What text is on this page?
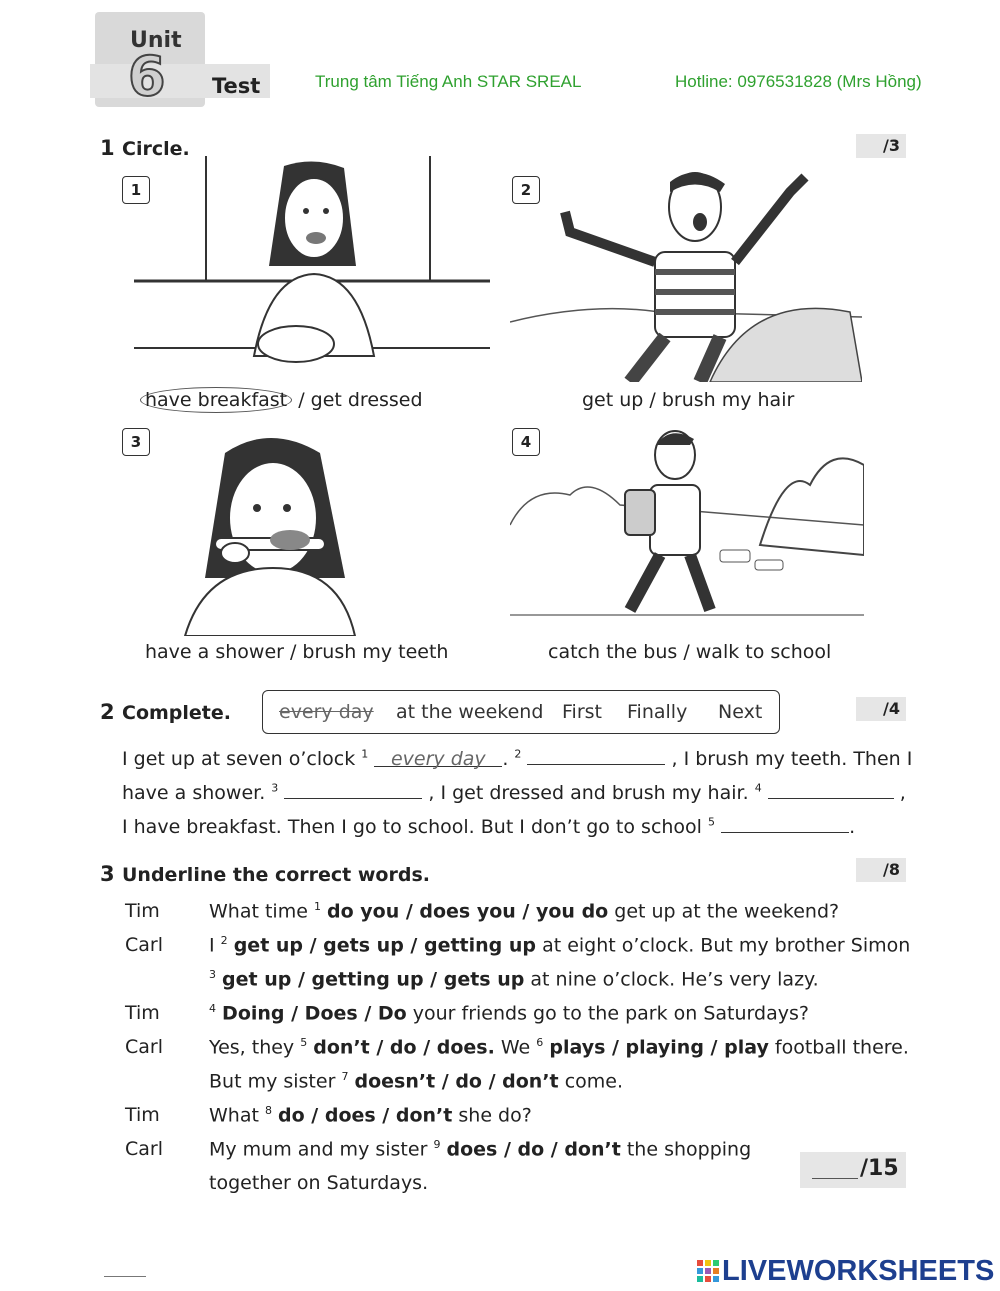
Unit
6 Test	Trung tâm Tiếng Anh STAR SREAL	Hotline: 0976531828 (Mrs Hồng)
1 Circle.	/3
1
have breakfast / get dressed
2
get up / brush my hair
3
have a shower / brush my teeth
4
catch the bus / walk to school
2 Complete.	/4
every day at the weekend First Finally Next
I get up at seven o’clock $^1$ every day . $^2$	, I brush my teeth. Then I
have a shower. $^3$	, I get dressed and brush my hair. $^4$	,
I have breakfast. Then I go to school. But I don’t go to school $^5$	.
3 Underline the correct words.	/8
Tim	What time $^1$ do you / does you / you do get up at the weekend?
Carl I $^2$ get up / gets up / getting up at eight o’clock. But my brother Simon
$^3$ get up / getting up / gets up at nine o’clock. He’s very lazy.
Tim	$^4$ Doing / Does / Do your friends go to the park on Saturdays?
Carl Yes, they $^5$ don’t / do / does. We $^6$ plays / playing / play football there.
But my sister $^7$ doesn’t / do / don’t come.
Tim	What $^8$ do / does / don’t she do?
Carl My mum and my sister $^9$ does / do / don’t the shopping
together on Saturdays.
/15
LIVEWORKSHEETS
